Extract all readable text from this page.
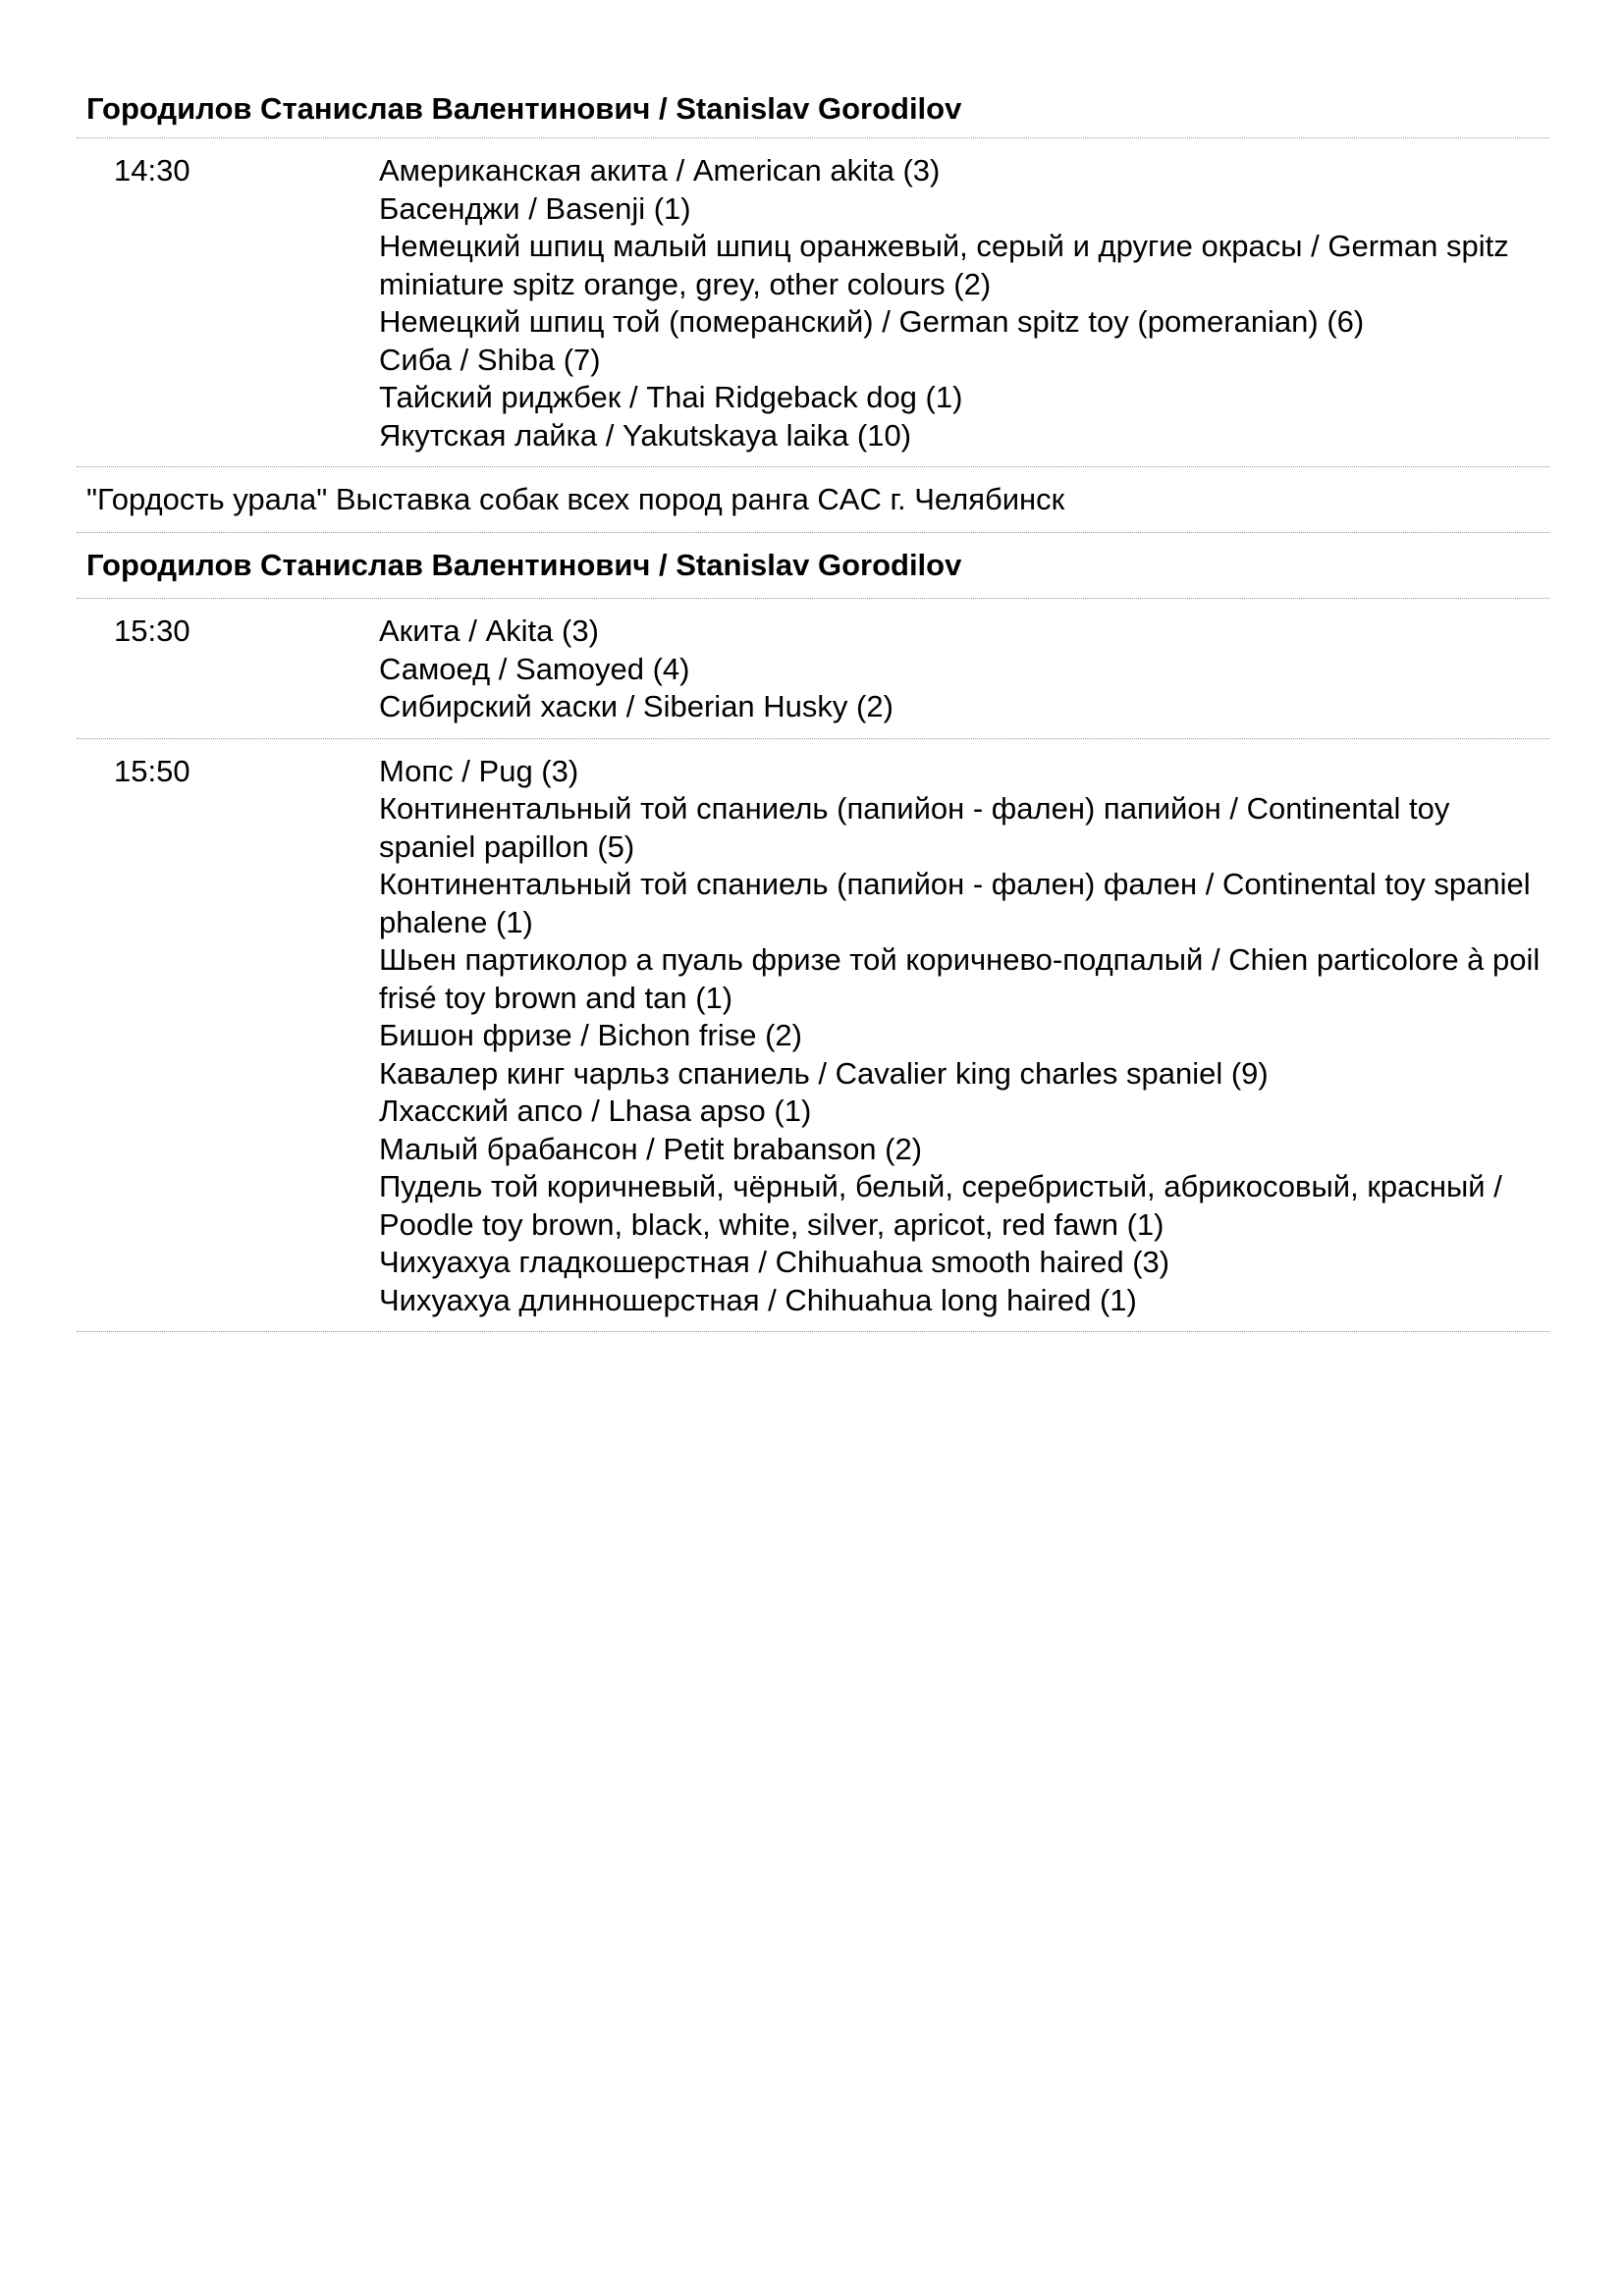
Городилов Станислав Валентинович / Stanislav Gorodilov
14:30	Американская акита / American akita (3)
Басенджи / Basenji (1)
Немецкий шпиц малый шпиц оранжевый, серый и другие окрасы / German spitz miniature spitz orange, grey, other colours (2)
Немецкий шпиц той (померанский) / German spitz toy (pomeranian) (6)
Сиба / Shiba (7)
Тайский риджбек / Thai Ridgeback dog (1)
Якутская лайка / Yakutskaya laika (10)
"Гордость урала" Выставка собак всех пород ранга CAC г. Челябинск
Городилов Станислав Валентинович / Stanislav Gorodilov
15:30	Акита / Akita (3)
Самоед / Samoyed (4)
Сибирский хаски / Siberian Husky (2)
15:50	Мопс / Pug (3)
Континентальный той спаниель (папийон - фален) папийон / Continental toy spaniel papillon (5)
Континентальный той спаниель (папийон - фален) фален / Continental toy spaniel phalene (1)
Шьен партиколор а пуаль фризе той коричнево-подпалый / Chien particolore à poil frisé toy brown and tan (1)
Бишон фризе / Bichon frise (2)
Кавалер кинг чарльз спаниель / Cavalier king charles spaniel (9)
Лхасский апсо / Lhasa apso (1)
Малый брабансон / Petit brabanson (2)
Пудель той коричневый, чёрный, белый, серебристый, абрикосовый, красный / Poodle toy brown, black, white, silver, apricot, red fawn (1)
Чихуахуа гладкошерстная / Chihuahua smooth haired (3)
Чихуахуа длинношерстная / Chihuahua long haired (1)
